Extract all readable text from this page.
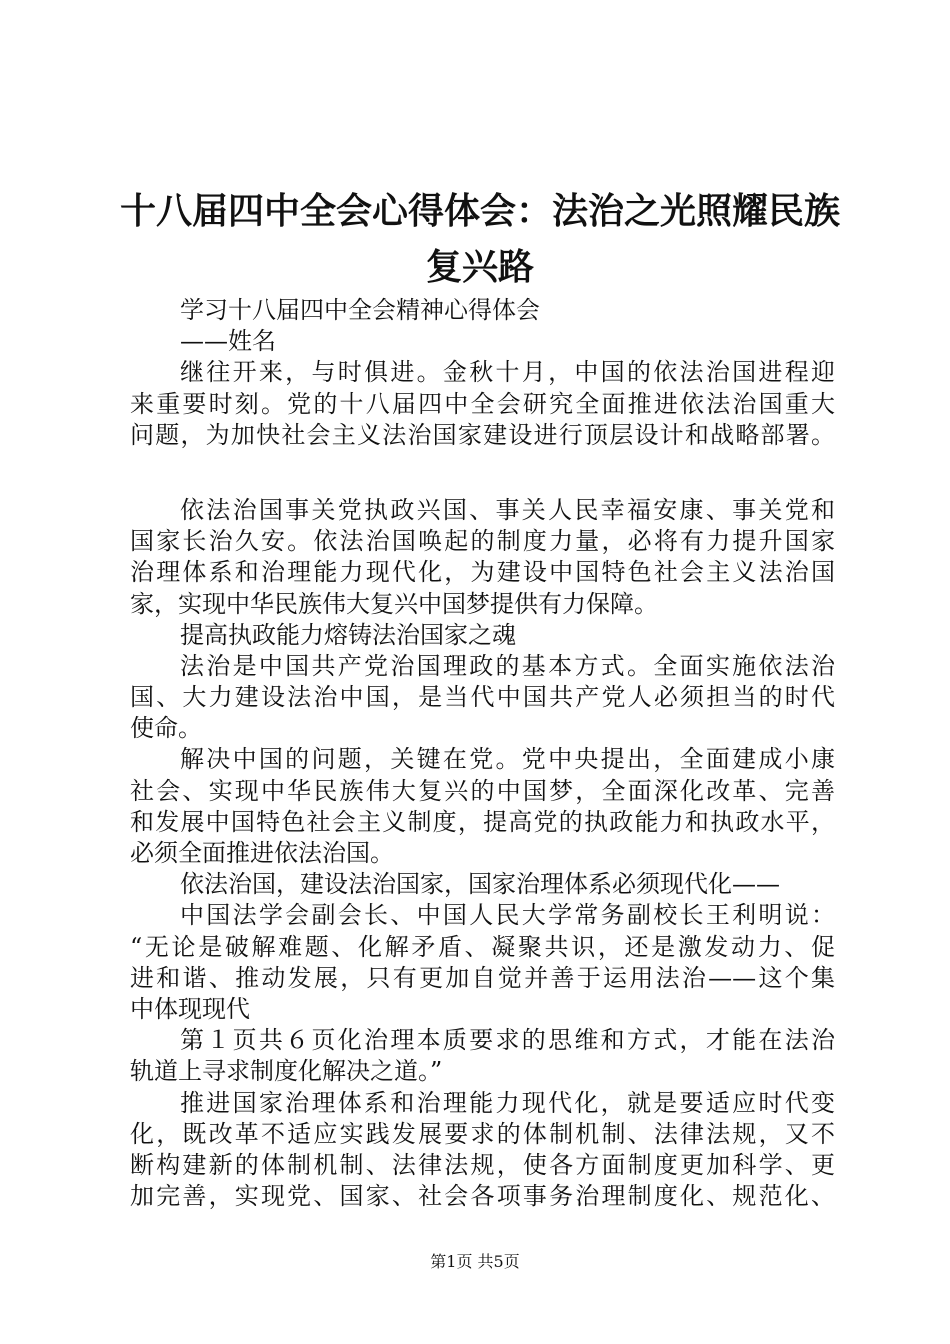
十八届四中全会心得体会：法治之光照耀民族
复兴路
学习十八届四中全会精神心得体会
——姓名
继往开来，与时俱进。金秋十月，中国的依法治国进程迎
来重要时刻。党的十八届四中全会研究全面推进依法治国重大
问题，为加快社会主义法治国家建设进行顶层设计和战略部署。
依法治国事关党执政兴国、事关人民幸福安康、事关党和
国家长治久安。依法治国唤起的制度力量，必将有力提升国家
治理体系和治理能力现代化，为建设中国特色社会主义法治国
家，实现中华民族伟大复兴中国梦提供有力保障。
提高执政能力熔铸法治国家之魂
法治是中国共产党治国理政的基本方式。全面实施依法治
国、大力建设法治中国，是当代中国共产党人必须担当的时代
使命。
解决中国的问题，关键在党。党中央提出，全面建成小康
社会、实现中华民族伟大复兴的中国梦，全面深化改革、完善
和发展中国特色社会主义制度，提高党的执政能力和执政水平，
必须全面推进依法治国。
依法治国，建设法治国家，国家治理体系必须现代化——
中国法学会副会长、中国人民大学常务副校长王利明说：
“无论是破解难题、化解矛盾、凝聚共识，还是激发动力、促
进和谐、推动发展，只有更加自觉并善于运用法治——这个集
中体现现代
第１页共６页化治理本质要求的思维和方式，才能在法治
轨道上寻求制度化解决之道。”
推进国家治理体系和治理能力现代化，就是要适应时代变
化，既改革不适应实践发展要求的体制机制、法律法规，又不
断构建新的体制机制、法律法规，使各方面制度更加科学、更
加完善，实现党、国家、社会各项事务治理制度化、规范化、
第1页 共5页
